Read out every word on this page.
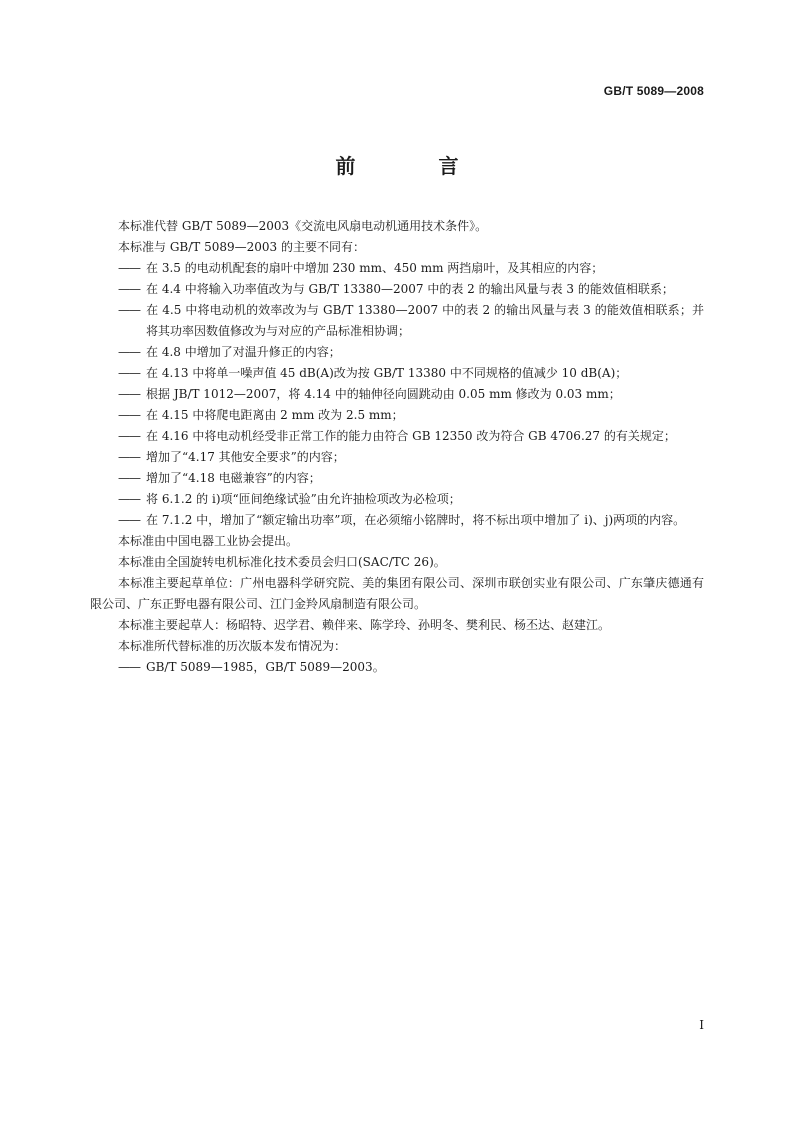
GB/T 5089—2008
前 言

本标准代替 GB/T 5089—2003《交流电风扇电动机通用技术条件》。

本标准与 GB/T 5089—2003 的主要不同有：

—— 在 3.5 的电动机配套的扇叶中增加 230 mm、450 mm 两挡扇叶，及其相应的内容；

—— 在 4.4 中将输入功率值改为与 GB/T 13380—2007 中的表 2 的输出风量与表 3 的能效值相联系；

—— 在 4.5 中将电动机的效率改为与 GB/T 13380—2007 中的表 2 的输出风量与表 3 的能效值相联系；并将其功率因数值修改为与对应的产品标准相协调；

—— 在 4.8 中增加了对温升修正的内容；

—— 在 4.13 中将单一噪声值 45 dB(A)改为按 GB/T 13380 中不同规格的值减少 10 dB(A)；

—— 根据 JB/T 1012—2007，将 4.14 中的轴伸径向圆跳动由 0.05 mm 修改为 0.03 mm；

—— 在 4.15 中将爬电距离由 2 mm 改为 2.5 mm；

—— 在 4.16 中将电动机经受非正常工作的能力由符合 GB 12350 改为符合 GB 4706.27 的有关规定；

—— 增加了“4.17 其他安全要求”的内容；

—— 增加了“4.18 电磁兼容”的内容；

—— 将 6.1.2 的 i)项“匝间绝缘试验”由允许抽检项改为必检项；

—— 在 7.1.2 中，增加了“额定输出功率”项，在必须缩小铭牌时，将不标出项中增加了 i)、j)两项的内容。

本标准由中国电器工业协会提出。

本标准由全国旋转电机标准化技术委员会归口(SAC/TC 26)。

本标准主要起草单位：广州电器科学研究院、美的集团有限公司、深圳市联创实业有限公司、广东肇庆德通有限公司、广东正野电器有限公司、江门金羚风扇制造有限公司。

本标准主要起草人：杨昭特、迟学君、赖伴来、陈学玲、孙明冬、樊利民、杨丕达、赵建江。

本标准所代替标准的历次版本发布情况为：

—— GB/T 5089—1985，GB/T 5089—2003。

I
